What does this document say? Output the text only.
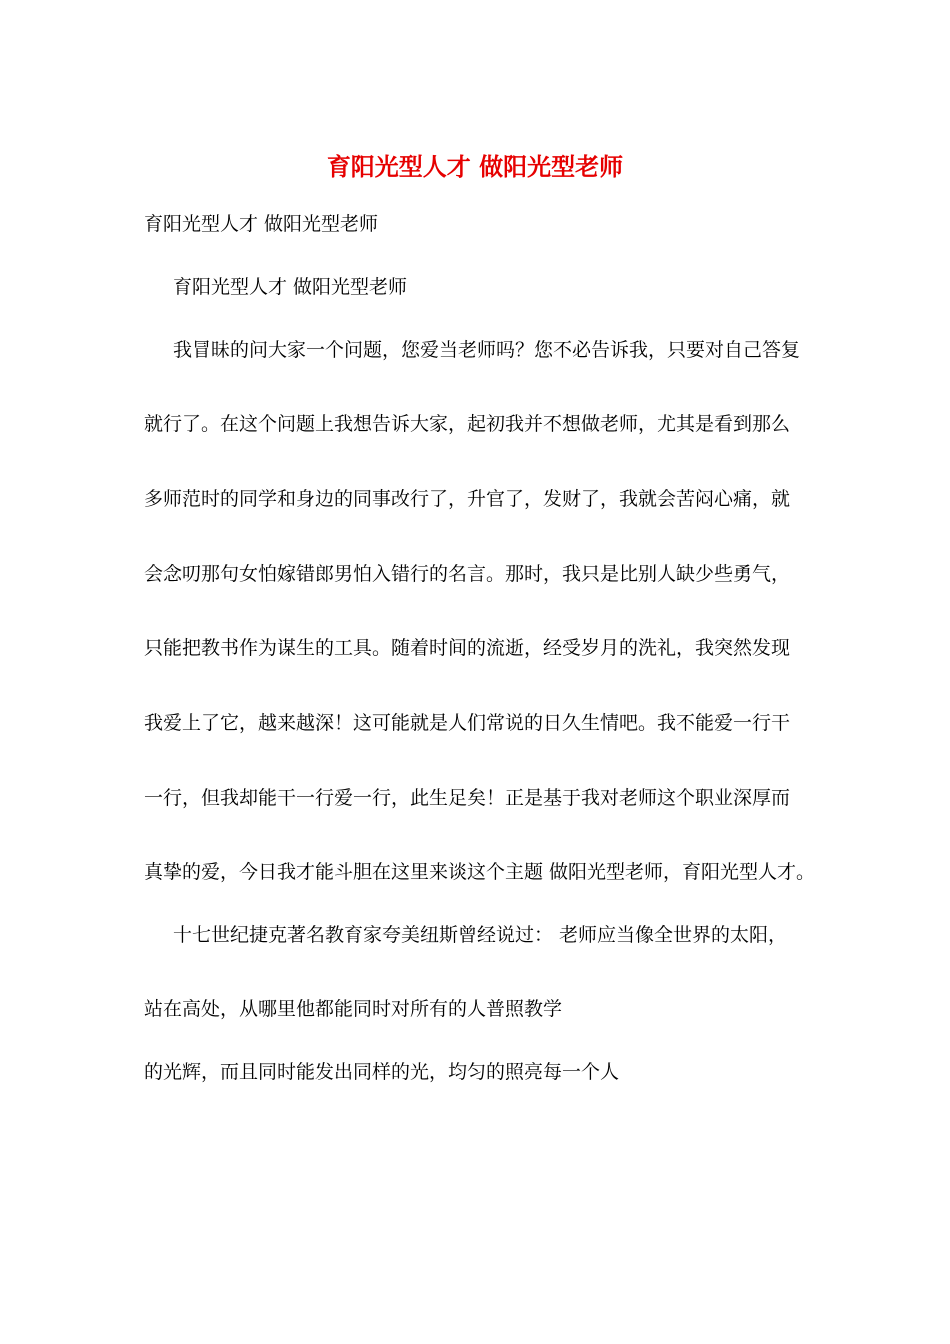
育阳光型人才 做阳光型老师

育阳光型人才 做阳光型老师

育阳光型人才 做阳光型老师

我冒昧的问大家一个问题，您爱当老师吗？您不必告诉我，只要对自己答复

就行了。在这个问题上我想告诉大家，起初我并不想做老师，尤其是看到那么

多师范时的同学和身边的同事改行了，升官了，发财了，我就会苦闷心痛，就

会念叨那句女怕嫁错郎男怕入错行的名言。那时，我只是比别人缺少些勇气，

只能把教书作为谋生的工具。随着时间的流逝，经受岁月的洗礼，我突然发现

我爱上了它，越来越深！这可能就是人们常说的日久生情吧。我不能爱一行干

一行，但我却能干一行爱一行，此生足矣！正是基于我对老师这个职业深厚而

真挚的爱，今日我才能斗胆在这里来谈这个主题 做阳光型老师，育阳光型人才。

十七世纪捷克著名教育家夸美纽斯曾经说过： 老师应当像全世界的太阳，

站在高处，从哪里他都能同时对所有的人普照教学

的光辉，而且同时能发出同样的光，均匀的照亮每一个人
